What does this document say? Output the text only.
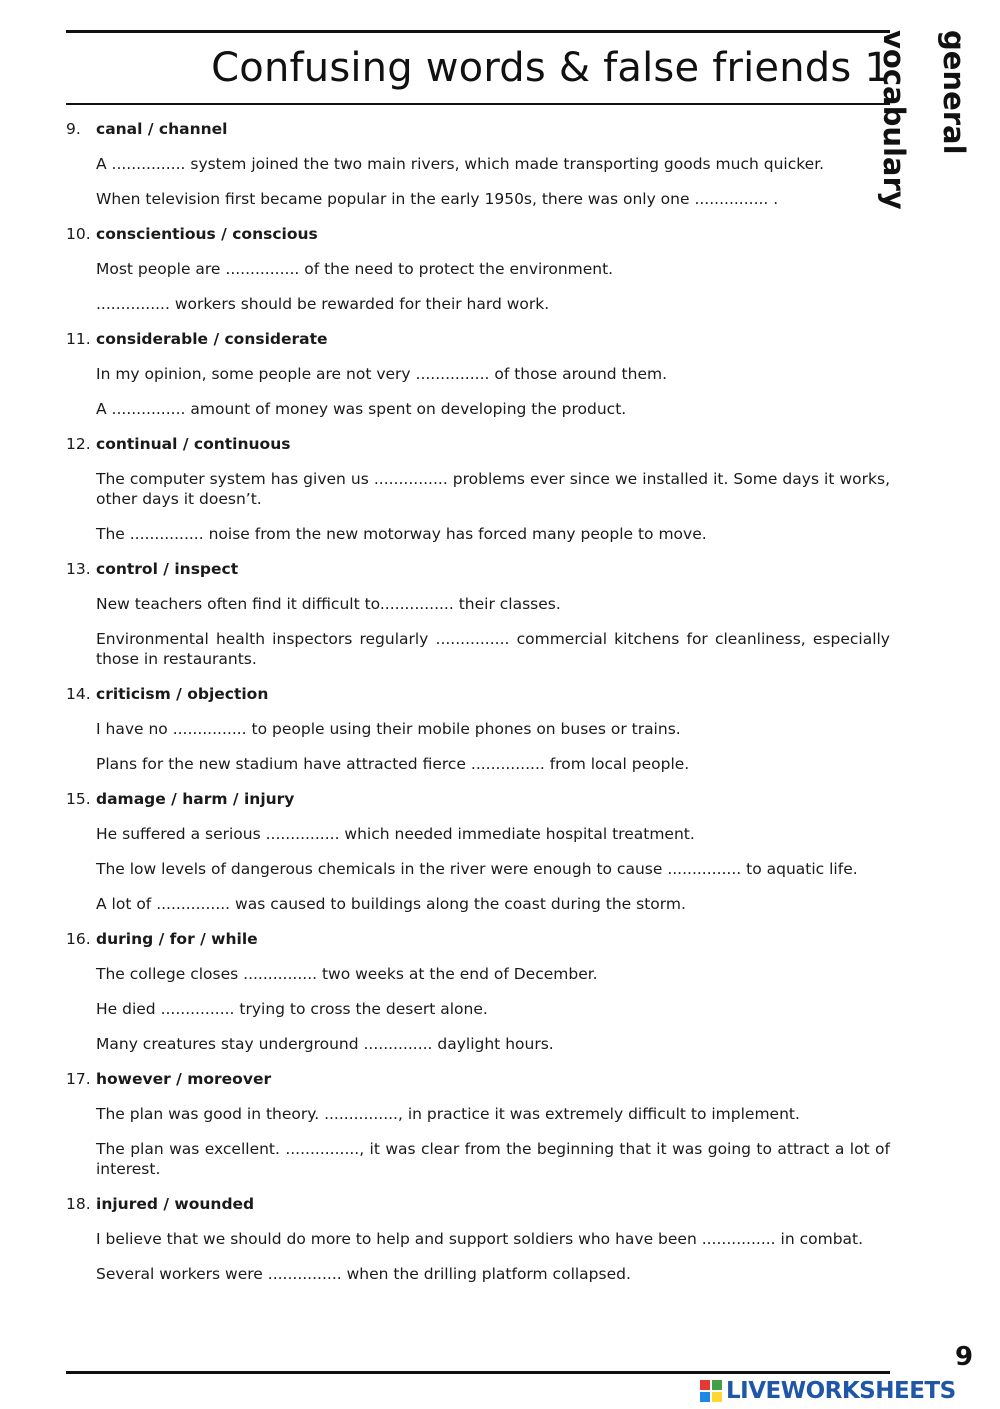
Confusing words & false friends 1	general vocabulary
9. canal / channel
A ............... system joined the two main rivers, which made transporting goods much quicker.
When television first became popular in the early 1950s, there was only one ............... .
10. conscientious / conscious
Most people are ............... of the need to protect the environment.
............... workers should be rewarded for their hard work.
11. considerable / considerate
In my opinion, some people are not very ............... of those around them.
A ............... amount of money was spent on developing the product.
12. continual / continuous
The computer system has given us ............... problems ever since we installed it. Some days it works, other days it doesn’t.
The ............... noise from the new motorway has forced many people to move.
13. control / inspect
New teachers often find it difficult to............... their classes.
Environmental health inspectors regularly ............... commercial kitchens for cleanliness, especially those in restaurants.
14. criticism / objection
I have no ............... to people using their mobile phones on buses or trains.
Plans for the new stadium have attracted fierce ............... from local people.
15. damage / harm / injury
He suffered a serious ............... which needed immediate hospital treatment.
The low levels of dangerous chemicals in the river were enough to cause ............... to aquatic life.
A lot of ............... was caused to buildings along the coast during the storm.
16. during / for / while
The college closes ............... two weeks at the end of December.
He died ............... trying to cross the desert alone.
Many creatures stay underground .............. daylight hours.
17. however / moreover
The plan was good in theory. ..............., in practice it was extremely difficult to implement.
The plan was excellent. ..............., it was clear from the beginning that it was going to attract a lot of interest.
18. injured / wounded
I believe that we should do more to help and support soldiers who have been ............... in combat.
Several workers were ............... when the drilling platform collapsed.
9
LIVEWORKSHEETS
